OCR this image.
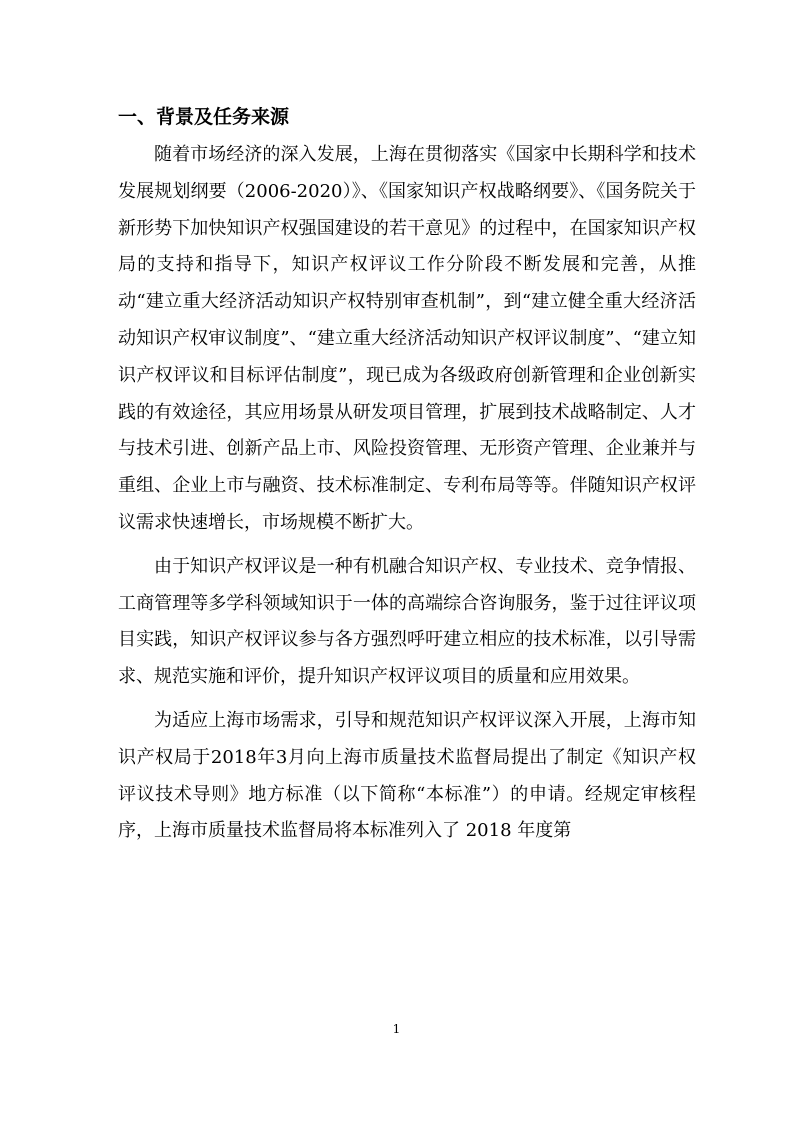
一、背景及任务来源

随着市场经济的深入发展，上海在贯彻落实《国家中长期科学和技术发展规划纲要（2006-2020）》、《国家知识产权战略纲要》、《国务院关于新形势下加快知识产权强国建设的若干意见》的过程中，在国家知识产权局的支持和指导下，知识产权评议工作分阶段不断发展和完善，从推动“建立重大经济活动知识产权特别审查机制”，到“建立健全重大经济活动知识产权审议制度”、“建立重大经济活动知识产权评议制度”、“建立知识产权评议和目标评估制度”，现已成为各级政府创新管理和企业创新实践的有效途径，其应用场景从研发项目管理，扩展到技术战略制定、人才与技术引进、创新产品上市、风险投资管理、无形资产管理、企业兼并与重组、企业上市与融资、技术标准制定、专利布局等等。伴随知识产权评议需求快速增长，市场规模不断扩大。

由于知识产权评议是一种有机融合知识产权、专业技术、竞争情报、工商管理等多学科领域知识于一体的高端综合咨询服务，鉴于过往评议项目实践，知识产权评议参与各方强烈呼吁建立相应的技术标准，以引导需求、规范实施和评价，提升知识产权评议项目的质量和应用效果。

为适应上海市场需求，引导和规范知识产权评议深入开展，上海市知识产权局于2018年3月向上海市质量技术监督局提出了制定《知识产权评议技术导则》地方标准（以下简称“本标准”）的申请。经规定审核程序，上海市质量技术监督局将本标准列入了 2018 年度第

1
